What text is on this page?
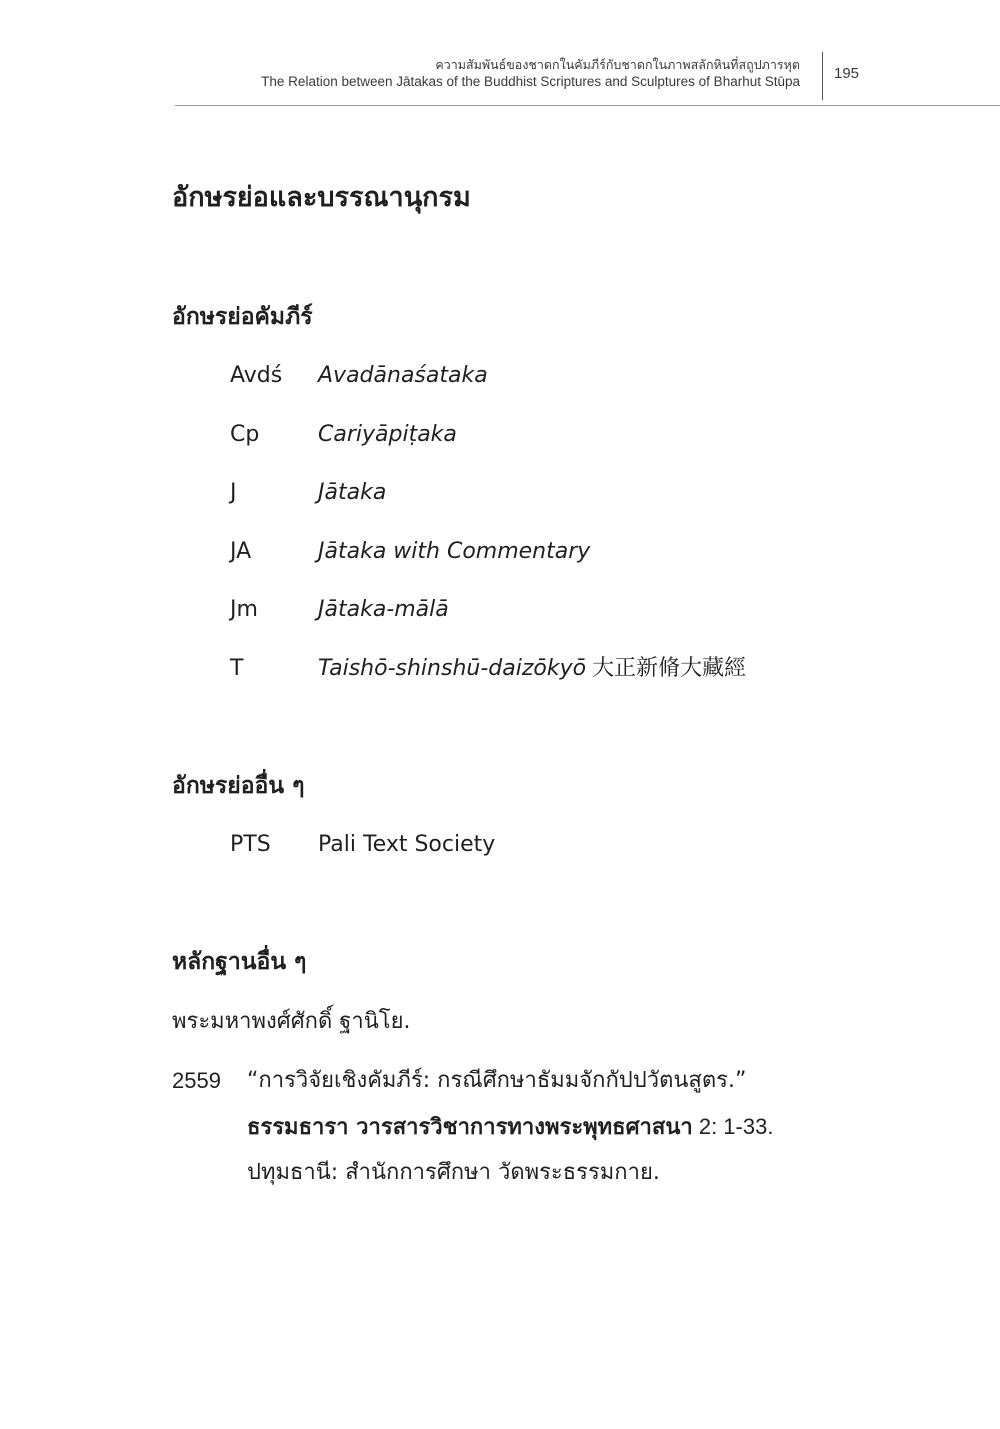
ความสัมพันธ์ของชาดกในคัมภีร์กับชาดกในภาพสลักหินที่สถูปภารหุต
The Relation between Jātakas of the Buddhist Scriptures and Sculptures of Bharhut Stūpa 195
อักษรย่อและบรรณานุกรม
อักษรย่อคัมภีร์
Avdś Avadānaśataka
Cp	Cariyāpiṭaka
J	Jātaka
JA	Jātaka with Commentary
Jm	Jātaka-mālā
T	Taishō-shinshū-daizōkyō 大正新脩大藏經
อักษรย่ออื่น ๆ
PTS Pali Text Society
หลักฐานอื่น ๆ
พระมหาพงศ์ศักดิ์ ฐานิโย.
2559 “การวิจัยเชิงคัมภีร์: กรณีศึกษาธัมมจักกัปปวัตนสูตร.”
ธรรมธารา วารสารวิชาการทางพระพุทธศาสนา 2: 1-33.
ปทุมธานี: สำนักการศึกษา วัดพระธรรมกาย.
